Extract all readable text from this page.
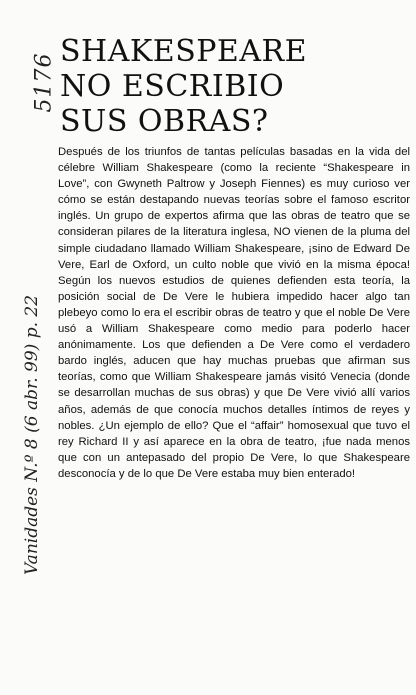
5176
Vanidades N.º 8 (6 abr. 99) p. 22
SHAKESPEARE
NO ESCRIBIO
SUS OBRAS?

Después de los triunfos de tantas películas basadas en la vida del célebre William Shakespeare (como la reciente “Shakespeare in Love”, con Gwyneth Paltrow y Joseph Fiennes) es muy curioso ver cómo se están destapando nuevas teorías sobre el famoso escritor inglés. Un grupo de expertos afirma que las obras de teatro que se consideran pilares de la literatura inglesa, NO vienen de la pluma del simple ciudadano llamado William Shakespeare, ¡sino de Edward De Vere, Earl de Oxford, un culto noble que vivió en la misma época! Según los nuevos estudios de quienes defienden esta teoría, la posición social de De Vere le hubiera impedido hacer algo tan plebeyo como lo era el escribir obras de teatro y que el noble De Vere usó a William Shakespeare como medio para poderlo hacer anónimamente. Los que defienden a De Vere como el verdadero bardo inglés, aducen que hay muchas pruebas que afirman sus teorías, como que William Shakespeare jamás visitó Venecia (donde se desarrollan muchas de sus obras) y que De Vere vivió allí varios años, además de que conocía muchos detalles íntimos de reyes y nobles. ¿Un ejemplo de ello? Que el “affair” homosexual que tuvo el rey Richard II y así aparece en la obra de teatro, ¡fue nada menos que con un antepasado del propio De Vere, lo que Shakespeare desconocía y de lo que De Vere estaba muy bien enterado!
